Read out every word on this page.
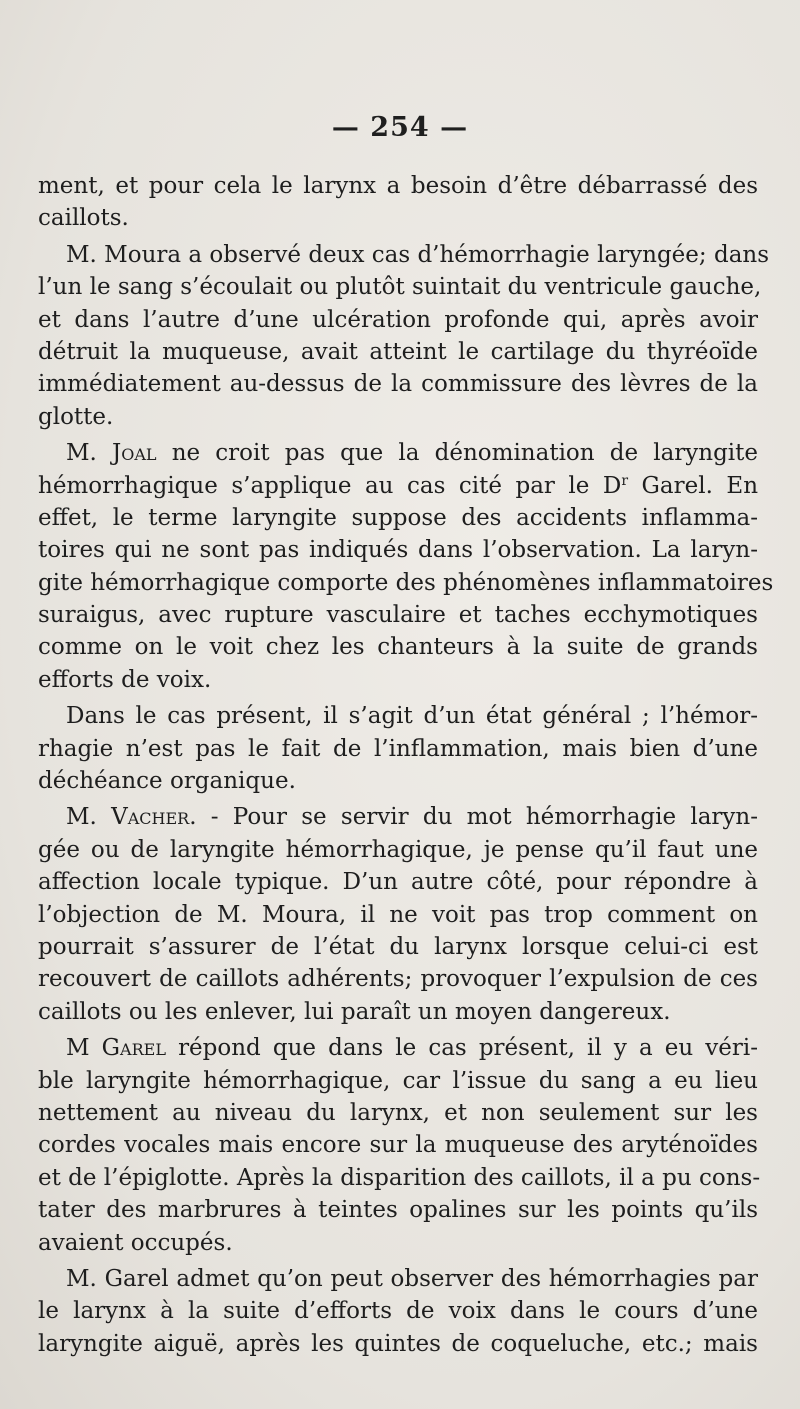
— 254 —

ment, et pour cela le larynx a besoin d’être débarrassé des
caillots.

M. Moura a observé deux cas d’hémorrhagie laryngée; dans
l’un le sang s’écoulait ou plutôt suintait du ventricule gauche,
et dans l’autre d’une ulcération profonde qui, après avoir
détruit la muqueuse, avait atteint le cartilage du thyréoïde
immédiatement au-dessus de la commissure des lèvres de la
glotte.

M. Joal ne croit pas que la dénomination de laryngite
hémorrhagique s’applique au cas cité par le $D^r$ Garel. En
effet, le terme laryngite suppose des accidents inflamma-
toires qui ne sont pas indiqués dans l’observation. La laryn-
gite hémorrhagique comporte des phénomènes inflammatoires
suraigus, avec rupture vasculaire et taches ecchymotiques
comme on le voit chez les chanteurs à la suite de grands
efforts de voix.

Dans le cas présent, il s’agit d’un état général ; l’hémor-
rhagie n’est pas le fait de l’inflammation, mais bien d’une
déchéance organique.

M. Vacher. - Pour se servir du mot hémorrhagie laryn-
gée ou de laryngite hémorrhagique, je pense qu’il faut une
affection locale typique. D’un autre côté, pour répondre à
l’objection de M. Moura, il ne voit pas trop comment on
pourrait s’assurer de l’état du larynx lorsque celui-ci est
recouvert de caillots adhérents; provoquer l’expulsion de ces
caillots ou les enlever, lui paraît un moyen dangereux.

M Garel répond que dans le cas présent, il y a eu véri-
ble laryngite hémorrhagique, car l’issue du sang a eu lieu
nettement au niveau du larynx, et non seulement sur les
cordes vocales mais encore sur la muqueuse des aryténoïdes
et de l’épiglotte. Après la disparition des caillots, il a pu cons-
tater des marbrures à teintes opalines sur les points qu’ils
avaient occupés.

M. Garel admet qu’on peut observer des hémorrhagies par
le larynx à la suite d’efforts de voix dans le cours d’une
laryngite aiguë, après les quintes de coqueluche, etc.; mais
